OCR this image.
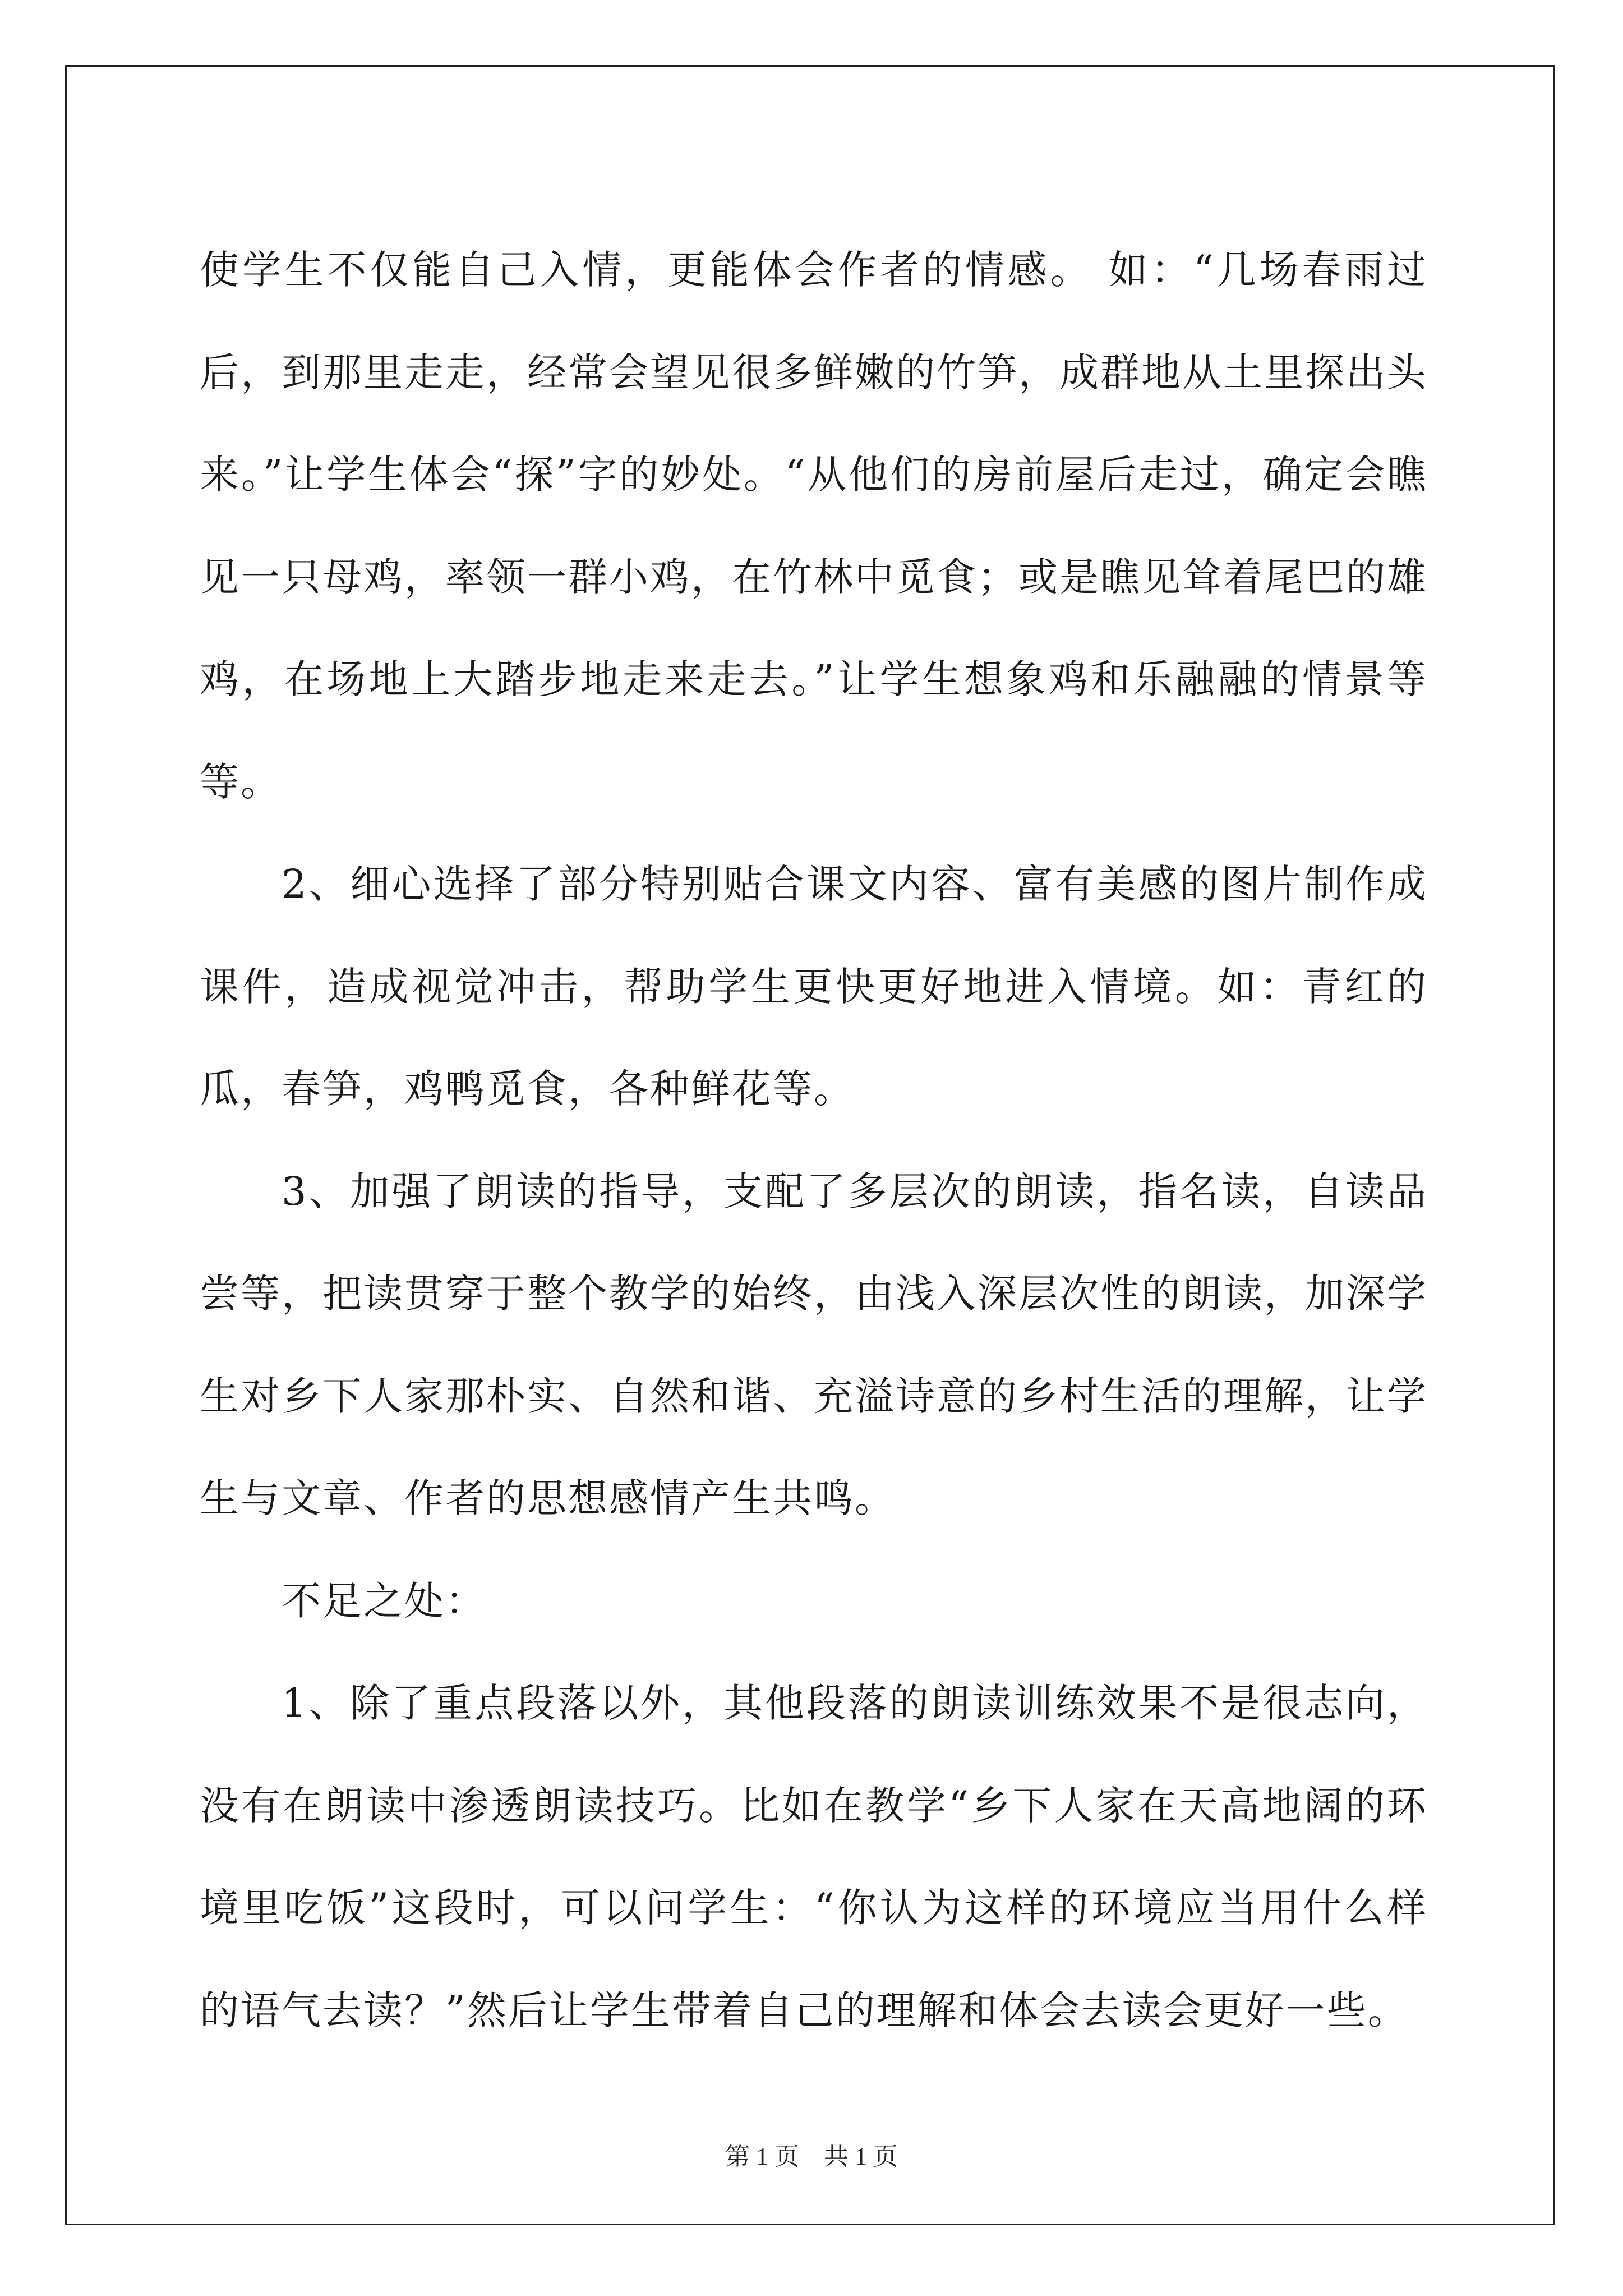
使学生不仅能自己入情，更能体会作者的情感。 如：“几场春雨过后，到那里走走，经常会望见很多鲜嫩的竹笋，成群地从土里探出头来。”让学生体会“探”字的妙处。“从他们的房前屋后走过，确定会瞧见一只母鸡，率领一群小鸡，在竹林中觅食；或是瞧见耸着尾巴的雄鸡，在场地上大踏步地走来走去。”让学生想象鸡和乐融融的情景等等。

2、细心选择了部分特别贴合课文内容、富有美感的图片制作成课件，造成视觉冲击，帮助学生更快更好地进入情境。如：青红的瓜，春笋，鸡鸭觅食，各种鲜花等。

3、加强了朗读的指导，支配了多层次的朗读，指名读，自读品尝等，把读贯穿于整个教学的始终，由浅入深层次性的朗读，加深学生对乡下人家那朴实、自然和谐、充溢诗意的乡村生活的理解，让学生与文章、作者的思想感情产生共鸣。

不足之处：

1、除了重点段落以外，其他段落的朗读训练效果不是很志向，没有在朗读中渗透朗读技巧。比如在教学“乡下人家在天高地阔的环境里吃饭”这段时，可以问学生：“你认为这样的环境应当用什么样的语气去读？”然后让学生带着自己的理解和体会去读会更好一些。

第 1 页　共 1 页
